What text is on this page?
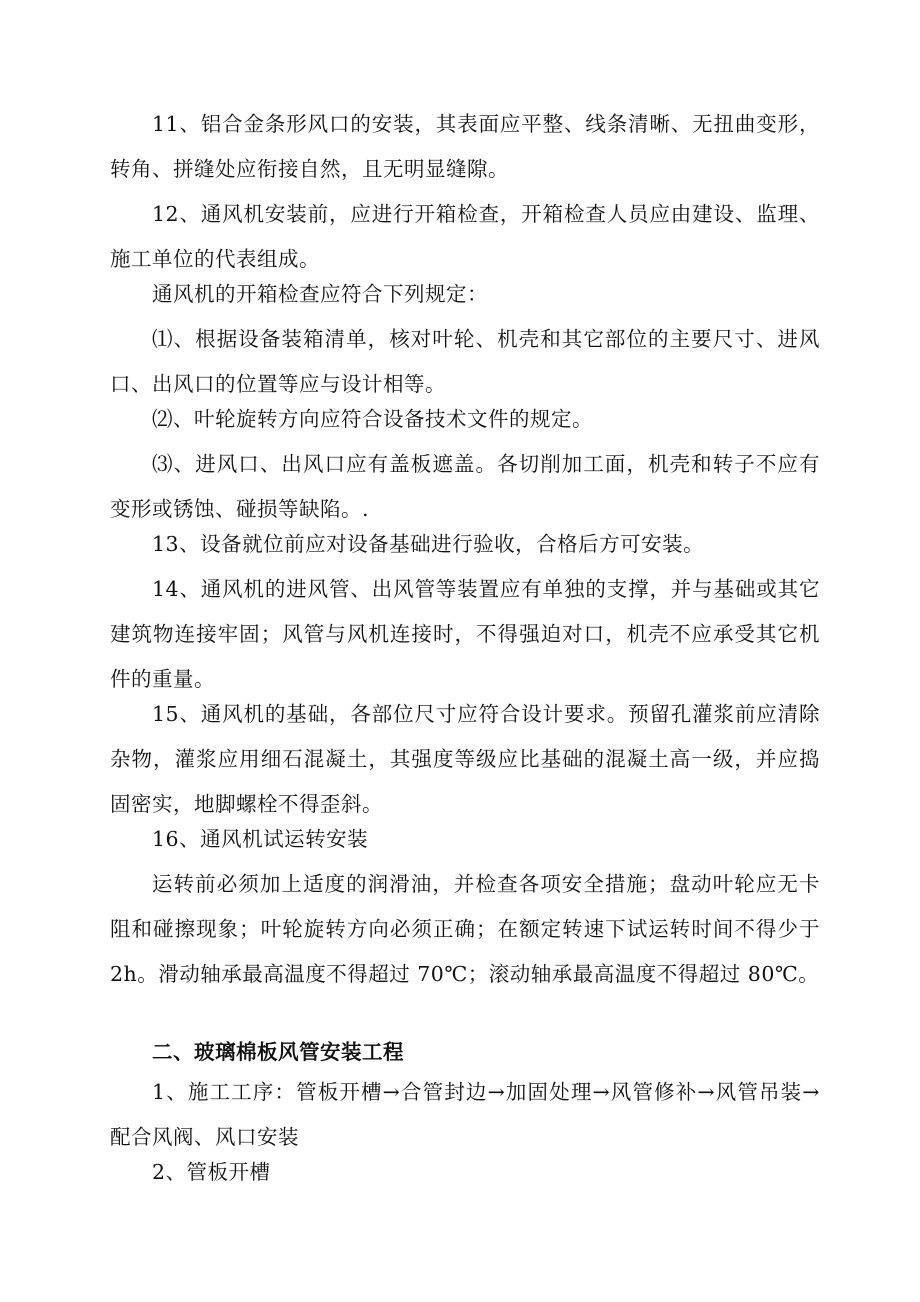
11、铝合金条形风口的安装，其表面应平整、线条清晰、无扭曲变形，转角、拼缝处应衔接自然，且无明显缝隙。

12、通风机安装前，应进行开箱检查，开箱检查人员应由建设、监理、施工单位的代表组成。

通风机的开箱检查应符合下列规定：

⑴、根据设备装箱清单，核对叶轮、机壳和其它部位的主要尺寸、进风口、出风口的位置等应与设计相等。

⑵、叶轮旋转方向应符合设备技术文件的规定。

⑶、进风口、出风口应有盖板遮盖。各切削加工面，机壳和转子不应有变形或锈蚀、碰损等缺陷。.

13、设备就位前应对设备基础进行验收，合格后方可安装。

14、通风机的进风管、出风管等装置应有单独的支撑，并与基础或其它建筑物连接牢固；风管与风机连接时，不得强迫对口，机壳不应承受其它机件的重量。

15、通风机的基础，各部位尺寸应符合设计要求。预留孔灌浆前应清除杂物，灌浆应用细石混凝土，其强度等级应比基础的混凝土高一级，并应捣固密实，地脚螺栓不得歪斜。

16、通风机试运转安装

运转前必须加上适度的润滑油，并检查各项安全措施；盘动叶轮应无卡阻和碰擦现象；叶轮旋转方向必须正确；在额定转速下试运转时间不得少于 2h。滑动轴承最高温度不得超过 70℃；滚动轴承最高温度不得超过 80℃。

二、玻璃棉板风管安装工程

1、施工工序：管板开槽→合管封边→加固处理→风管修补→风管吊装→配合风阀、风口安装

2、管板开槽
